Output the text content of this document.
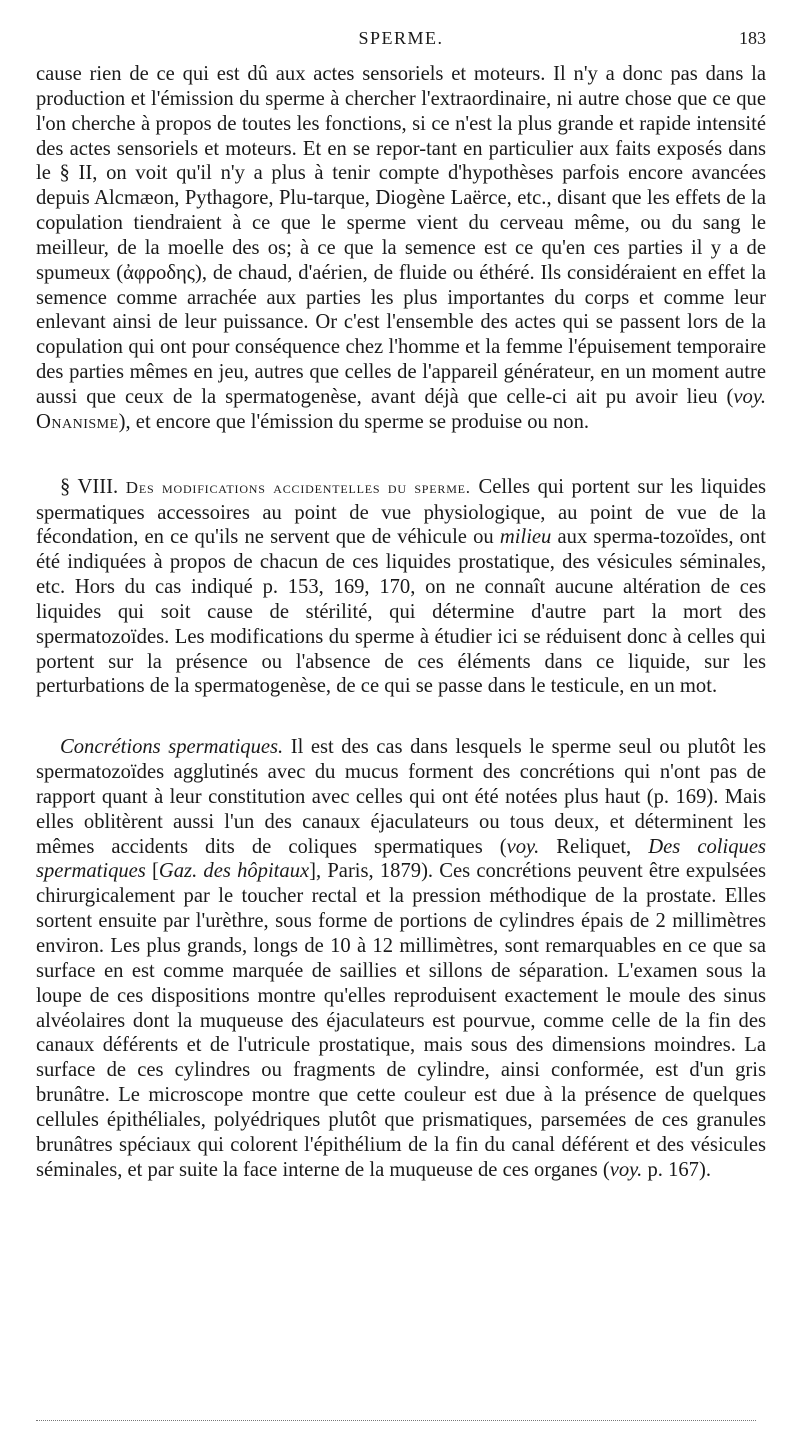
SPERME.	183

cause rien de ce qui est dû aux actes sensoriels et moteurs. Il n'y a donc pas dans la production et l'émission du sperme à chercher l'extraordinaire, ni autre chose que ce que l'on cherche à propos de toutes les fonctions, si ce n'est la plus grande et rapide intensité des actes sensoriels et moteurs. Et en se repor-tant en particulier aux faits exposés dans le § II, on voit qu'il n'y a plus à tenir compte d'hypothèses parfois encore avancées depuis Alcmæon, Pythagore, Plu-tarque, Diogène Laërce, etc., disant que les effets de la copulation tiendraient à ce que le sperme vient du cerveau même, ou du sang le meilleur, de la moelle des os; à ce que la semence est ce qu'en ces parties il y a de spumeux (ἀφροδης), de chaud, d'aérien, de fluide ou éthéré. Ils considéraient en effet la semence comme arrachée aux parties les plus importantes du corps et comme leur enlevant ainsi de leur puissance. Or c'est l'ensemble des actes qui se passent lors de la copulation qui ont pour conséquence chez l'homme et la femme l'épuisement temporaire des parties mêmes en jeu, autres que celles de l'appareil générateur, en un moment autre aussi que ceux de la spermatogenèse, avant déjà que celle-ci ait pu avoir lieu (voy. Onanisme), et encore que l'émission du sperme se produise ou non.

§ VIII. Des modifications accidentelles du sperme. Celles qui portent sur les liquides spermatiques accessoires au point de vue physiologique, au point de vue de la fécondation, en ce qu'ils ne servent que de véhicule ou milieu aux sperma-tozoïdes, ont été indiquées à propos de chacun de ces liquides prostatique, des vésicules séminales, etc. Hors du cas indiqué p. 153, 169, 170, on ne connaît aucune altération de ces liquides qui soit cause de stérilité, qui détermine d'autre part la mort des spermatozoïdes. Les modifications du sperme à étudier ici se réduisent donc à celles qui portent sur la présence ou l'absence de ces éléments dans ce liquide, sur les perturbations de la spermatogenèse, de ce qui se passe dans le testicule, en un mot.

Concrétions spermatiques. Il est des cas dans lesquels le sperme seul ou plutôt les spermatozoïdes agglutinés avec du mucus forment des concrétions qui n'ont pas de rapport quant à leur constitution avec celles qui ont été notées plus haut (p. 169). Mais elles oblitèrent aussi l'un des canaux éjaculateurs ou tous deux, et déterminent les mêmes accidents dits de coliques spermatiques (voy. Reliquet, Des coliques spermatiques [Gaz. des hôpitaux], Paris, 1879). Ces concrétions peuvent être expulsées chirurgicalement par le toucher rectal et la pression méthodique de la prostate. Elles sortent ensuite par l'urèthre, sous forme de portions de cylindres épais de 2 millimètres environ. Les plus grands, longs de 10 à 12 millimètres, sont remarquables en ce que sa surface en est comme marquée de saillies et sillons de séparation. L'examen sous la loupe de ces dispositions montre qu'elles reproduisent exactement le moule des sinus alvéolaires dont la muqueuse des éjaculateurs est pourvue, comme celle de la fin des canaux déférents et de l'utricule prostatique, mais sous des dimensions moindres. La surface de ces cylindres ou fragments de cylindre, ainsi conformée, est d'un gris brunâtre. Le microscope montre que cette couleur est due à la présence de quelques cellules épithéliales, polyédriques plutôt que prismatiques, parsemées de ces granules brunâtres spéciaux qui colorent l'épithélium de la fin du canal déférent et des vésicules séminales, et par suite la face interne de la muqueuse de ces organes (voy. p. 167).
